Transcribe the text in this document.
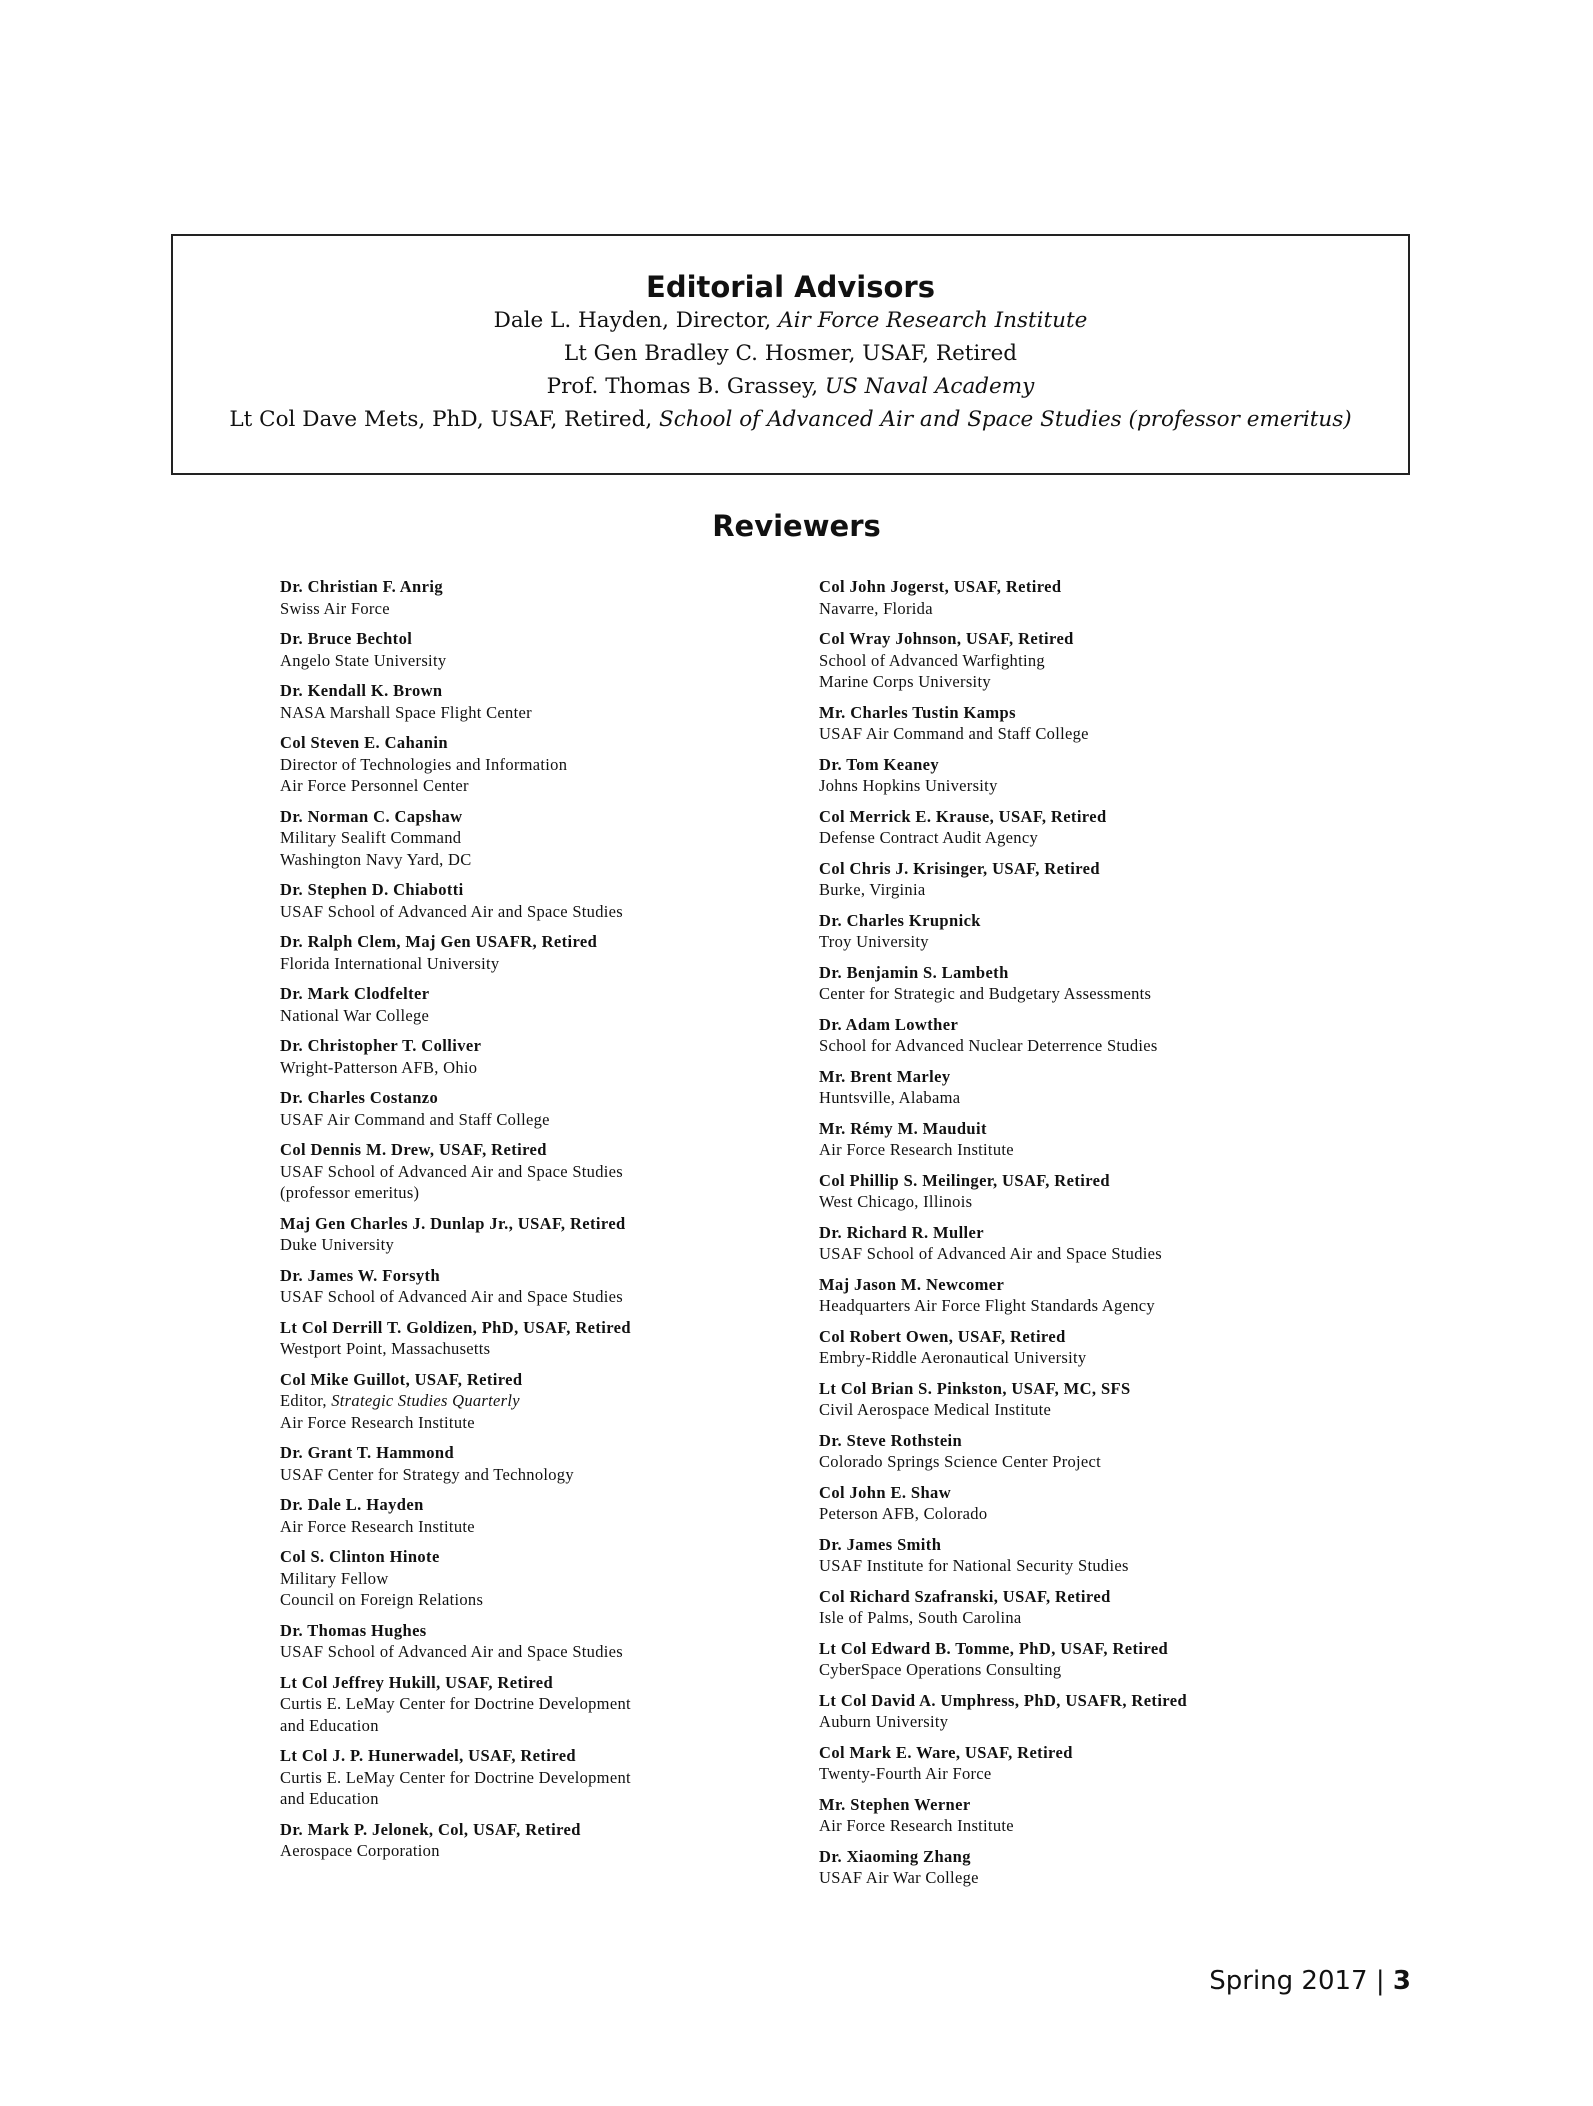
Editorial Advisors
Dale L. Hayden, Director, Air Force Research Institute
Lt Gen Bradley C. Hosmer, USAF, Retired
Prof. Thomas B. Grassey, US Naval Academy
Lt Col Dave Mets, PhD, USAF, Retired, School of Advanced Air and Space Studies (professor emeritus)
Reviewers
Dr. Christian F. Anrig
Swiss Air Force
Dr. Bruce Bechtol
Angelo State University
Dr. Kendall K. Brown
NASA Marshall Space Flight Center
Col Steven E. Cahanin
Director of Technologies and Information
Air Force Personnel Center
Dr. Norman C. Capshaw
Military Sealift Command
Washington Navy Yard, DC
Dr. Stephen D. Chiabotti
USAF School of Advanced Air and Space Studies
Dr. Ralph Clem, Maj Gen USAFR, Retired
Florida International University
Dr. Mark Clodfelter
National War College
Dr. Christopher T. Colliver
Wright-Patterson AFB, Ohio
Dr. Charles Costanzo
USAF Air Command and Staff College
Col Dennis M. Drew, USAF, Retired
USAF School of Advanced Air and Space Studies
(professor emeritus)
Maj Gen Charles J. Dunlap Jr., USAF, Retired
Duke University
Dr. James W. Forsyth
USAF School of Advanced Air and Space Studies
Lt Col Derrill T. Goldizen, PhD, USAF, Retired
Westport Point, Massachusetts
Col Mike Guillot, USAF, Retired
Editor, Strategic Studies Quarterly
Air Force Research Institute
Dr. Grant T. Hammond
USAF Center for Strategy and Technology
Dr. Dale L. Hayden
Air Force Research Institute
Col S. Clinton Hinote
Military Fellow
Council on Foreign Relations
Dr. Thomas Hughes
USAF School of Advanced Air and Space Studies
Lt Col Jeffrey Hukill, USAF, Retired
Curtis E. LeMay Center for Doctrine Development
and Education
Lt Col J. P. Hunerwadel, USAF, Retired
Curtis E. LeMay Center for Doctrine Development
and Education
Dr. Mark P. Jelonek, Col, USAF, Retired
Aerospace Corporation
Col John Jogerst, USAF, Retired
Navarre, Florida
Col Wray Johnson, USAF, Retired
School of Advanced Warfighting
Marine Corps University
Mr. Charles Tustin Kamps
USAF Air Command and Staff College
Dr. Tom Keaney
Johns Hopkins University
Col Merrick E. Krause, USAF, Retired
Defense Contract Audit Agency
Col Chris J. Krisinger, USAF, Retired
Burke, Virginia
Dr. Charles Krupnick
Troy University
Dr. Benjamin S. Lambeth
Center for Strategic and Budgetary Assessments
Dr. Adam Lowther
School for Advanced Nuclear Deterrence Studies
Mr. Brent Marley
Huntsville, Alabama
Mr. Rémy M. Mauduit
Air Force Research Institute
Col Phillip S. Meilinger, USAF, Retired
West Chicago, Illinois
Dr. Richard R. Muller
USAF School of Advanced Air and Space Studies
Maj Jason M. Newcomer
Headquarters Air Force Flight Standards Agency
Col Robert Owen, USAF, Retired
Embry-Riddle Aeronautical University
Lt Col Brian S. Pinkston, USAF, MC, SFS
Civil Aerospace Medical Institute
Dr. Steve Rothstein
Colorado Springs Science Center Project
Col John E. Shaw
Peterson AFB, Colorado
Dr. James Smith
USAF Institute for National Security Studies
Col Richard Szafranski, USAF, Retired
Isle of Palms, South Carolina
Lt Col Edward B. Tomme, PhD, USAF, Retired
CyberSpace Operations Consulting
Lt Col David A. Umphress, PhD, USAFR, Retired
Auburn University
Col Mark E. Ware, USAF, Retired
Twenty-Fourth Air Force
Mr. Stephen Werner
Air Force Research Institute
Dr. Xiaoming Zhang
USAF Air War College
Spring 2017 | 3
